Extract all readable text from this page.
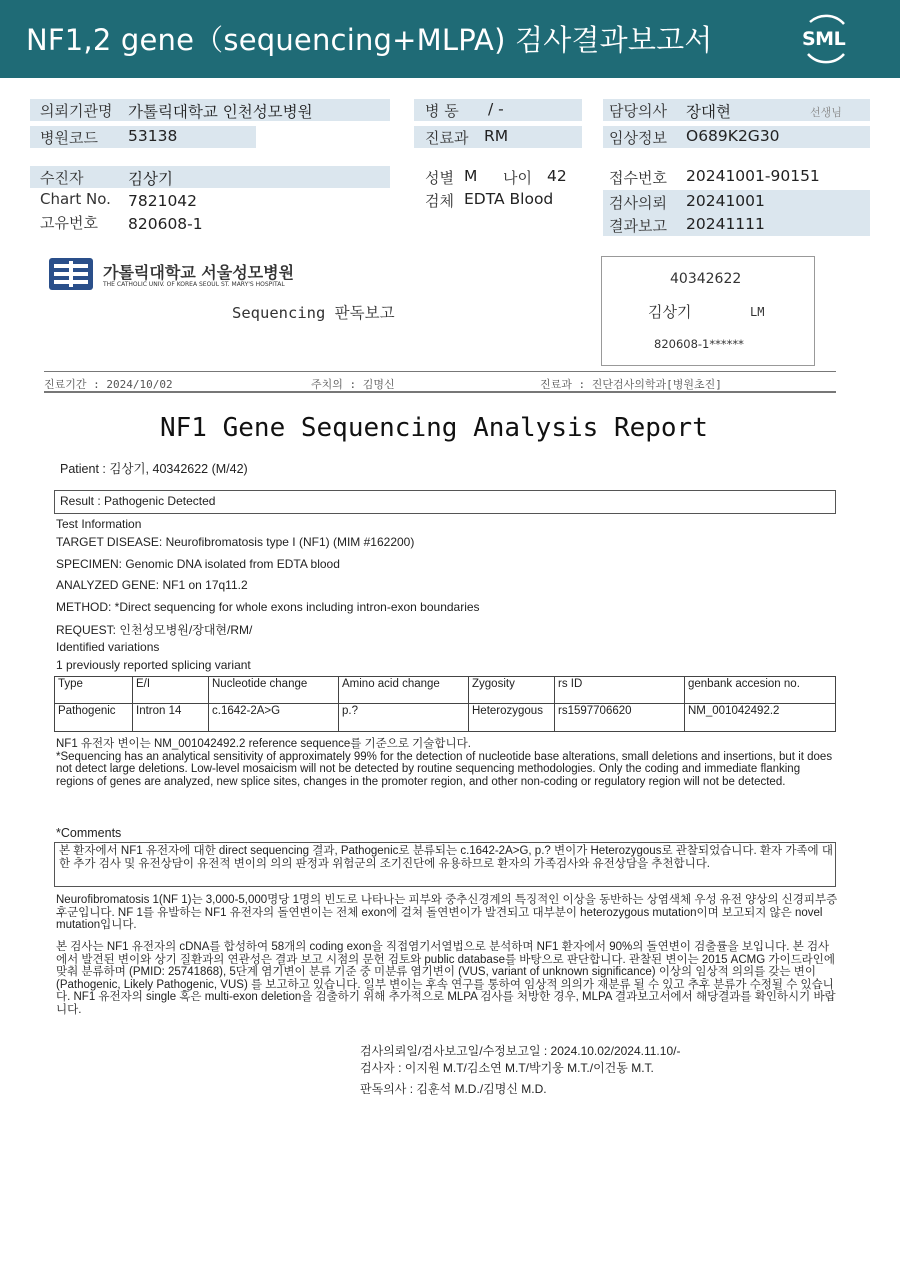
NF1,2 gene（sequencing+MLPA) 검사결과보고서	SML
의뢰기관명 가톨릭대학교 인천성모병원
병원코드 53138
병 동 / -
진료과 RM
담당의사 장대현	선생님
임상정보 O689K2G30
수진자	김상기
Chart No. 7821042
고유번호 820608-1
성별 M 나이 42
검체 EDTA Blood
접수번호 20241001-90151
검사의뢰 20241001
결과보고 20241111
가톨릭대학교 서울성모병원
THE CATHOLIC UNIV. OF KOREA SEOUL ST. MARY'S HOSPITAL
Sequencing 판독보고
40342622
김상기	LM
820608-1******
진료기간 : 2024/10/02	주치의 : 김명신	진료과 : 진단검사의학과[병원초진]
NF1 Gene Sequencing Analysis Report
Patient : 김상기, 40342622 (M/42)
Result : Pathogenic Detected
Test Information
TARGET DISEASE: Neurofibromatosis type I (NF1) (MIM #162200)
SPECIMEN: Genomic DNA isolated from EDTA blood
ANALYZED GENE: NF1 on 17q11.2
METHOD: *Direct sequencing for whole exons including intron-exon boundaries
REQUEST: 인천성모병원/장대현/RM/
Identified variations
1 previously reported splicing variant
Type	E/I	Nucleotide change	Amino acid change	Zygosity	rs ID	genbank accesion no.
Pathogenic	Intron 14	c.1642-2A>G	p.?	Heterozygous	rs1597706620	NM_001042492.2

NF1 유전자 변이는 NM_001042492.2 reference sequence를 기준으로 기술합니다.

*Sequencing has an analytical sensitivity of approximately 99% for the detection of nucleotide base alterations, small deletions and insertions, but it does not detect large deletions. Low-level mosaicism will not be detected by routine sequencing methodologies. Only the coding and immediate flanking regions of genes are analyzed, new splice sites, changes in the promoter region, and other non-coding or regulatory region will not be detected.

*Comments
본 환자에서 NF1 유전자에 대한 direct sequencing 결과, Pathogenic로 분류되는 c.1642-2A>G, p.? 변이가 Heterozygous로 관찰되었습니다. 환자 가족에 대한 추가 검사 및 유전상담이 유전적 변이의 의의 판정과 위험군의 조기진단에 유용하므로 환자의 가족검사와 유전상담을 추천합니다.
Neurofibromatosis 1(NF 1)는 3,000-5,000명당 1명의 빈도로 나타나는 피부와 중추신경계의 특징적인 이상을 동반하는 상염색체 우성 유전 양상의 신경피부증후군입니다. NF 1를 유발하는 NF1 유전자의 돌연변이는 전체 exon에 걸쳐 돌연변이가 발견되고 대부분이 heterozygous mutation이며 보고되지 않은 novel mutation입니다.
본 검사는 NF1 유전자의 cDNA를 합성하여 58개의 coding exon을 직접염기서열법으로 분석하며 NF1 환자에서 90%의 돌연변이 검출률을 보입니다. 본 검사에서 발견된 변이와 상기 질환과의 연관성은 결과 보고 시점의 문헌 검토와 public database를 바탕으로 판단합니다. 관찰된 변이는 2015 ACMG 가이드라인에 맞춰 분류하며 (PMID: 25741868), 5단계 염기변이 분류 기준 중 미분류 염기변이 (VUS, variant of unknown significance) 이상의 임상적 의의를 갖는 변이 (Pathogenic, Likely Pathogenic, VUS) 를 보고하고 있습니다. 일부 변이는 후속 연구를 통하여 임상적 의의가 재분류 될 수 있고 추후 분류가 수정될 수 있습니다. NF1 유전자의 single 혹은 multi-exon deletion을 검출하기 위해 추가적으로 MLPA 검사를 처방한 경우, MLPA 결과보고서에서 해당결과를 확인하시기 바랍니다.
검사의뢰일/검사보고일/수정보고일 : 2024.10.02/2024.11.10/-
검사자 : 이지원 M.T/김소연 M.T/박기웅 M.T./이건동 M.T.
판독의사 : 김훈석 M.D./김명신 M.D.
